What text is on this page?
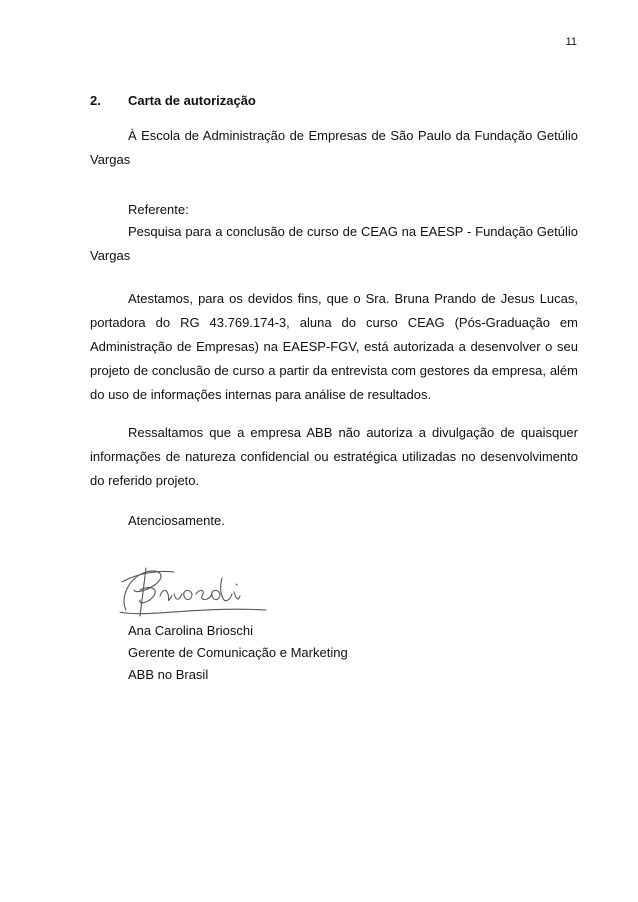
11
2. Carta de autorização

À Escola de Administração de Empresas de São Paulo da Fundação Getúlio Vargas

Referente:

Pesquisa para a conclusão de curso de CEAG na EAESP - Fundação Getúlio Vargas

Atestamos, para os devidos fins, que o Sra. Bruna Prando de Jesus Lucas, portadora do RG 43.769.174-3, aluna do curso CEAG (Pós-Graduação em Administração de Empresas) na EAESP-FGV, está autorizada a desenvolver o seu projeto de conclusão de curso a partir da entrevista com gestores da empresa, além do uso de informações internas para análise de resultados.

Ressaltamos que a empresa ABB não autoriza a divulgação de quaisquer informações de natureza confidencial ou estratégica utilizadas no desenvolvimento do referido projeto.

Atenciosamente.

Ana Carolina Brioschi

Gerente de Comunicação e Marketing

ABB no Brasil
